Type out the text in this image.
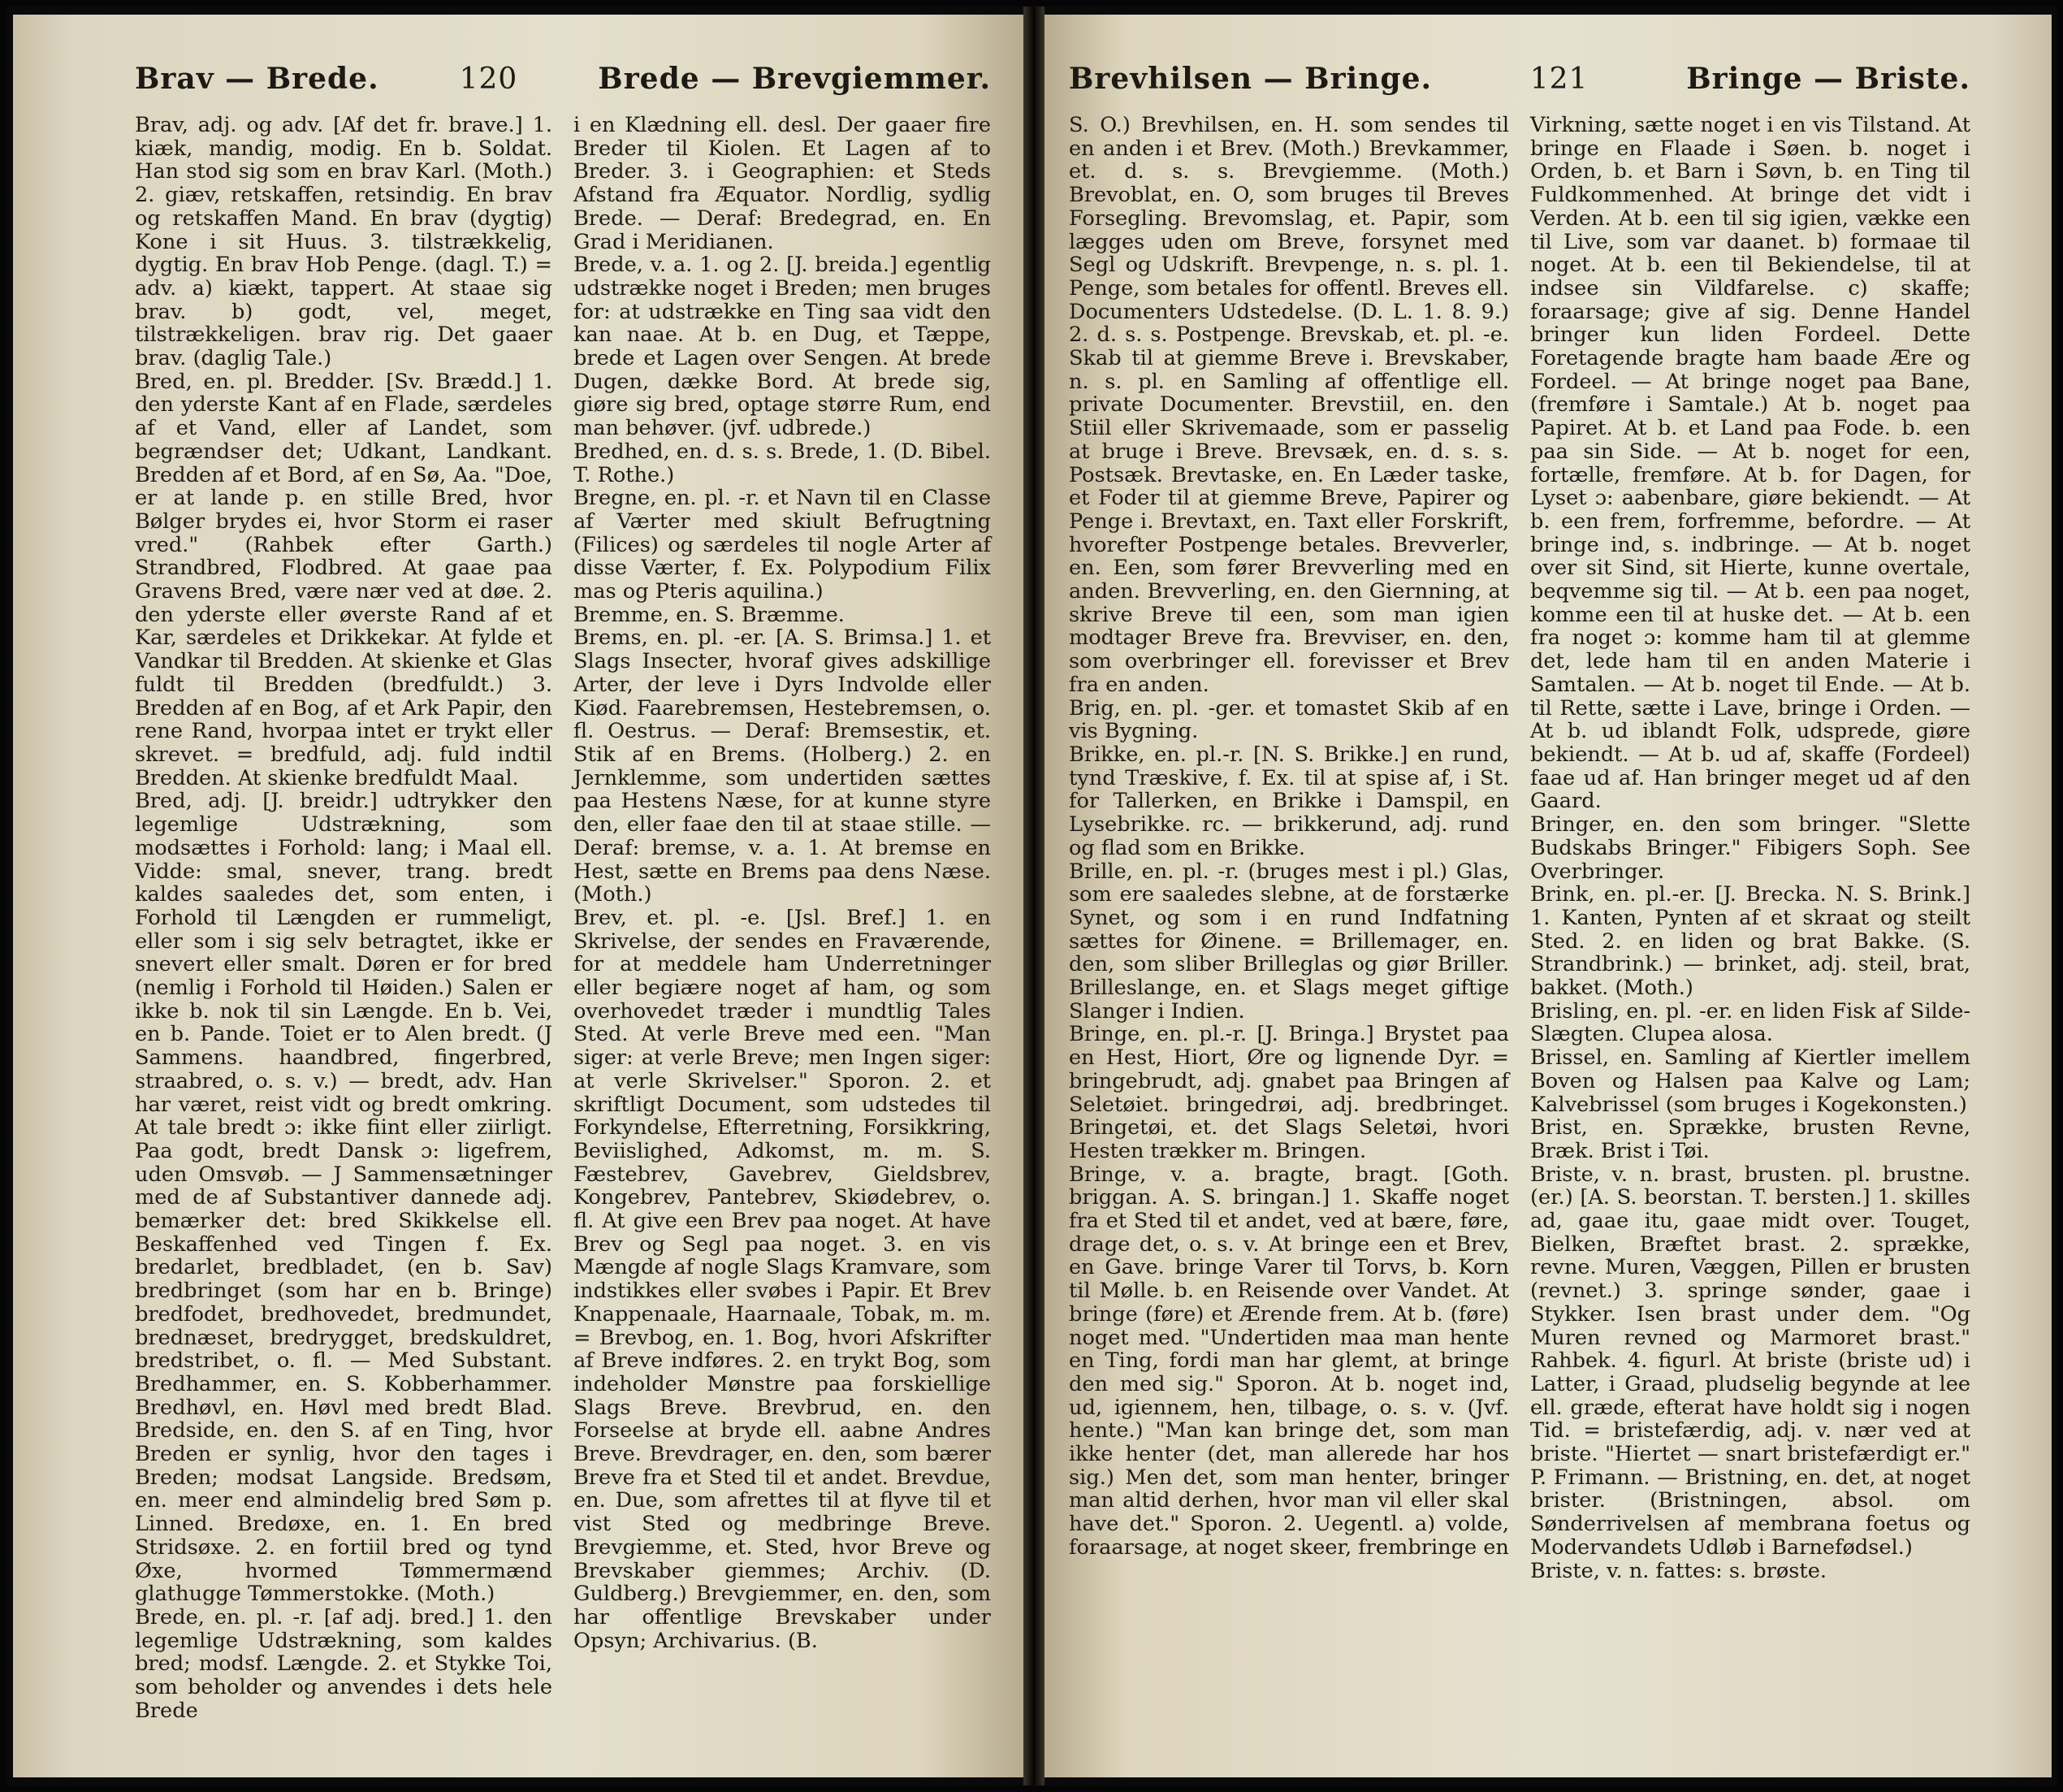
Brav — Brede.	120	Brede — Brevgiemmer.

Brav, adj. og adv. [Af det fr. brave.] 1. kiæk, mandig, modig. En b. Soldat. Han stod sig som en brav Karl. (Moth.) 2. giæv, retskaffen, retsindig. En brav og retskaffen Mand. En brav (dygtig) Kone i sit Huus. 3. tilstrækkelig, dygtig. En brav Hob Penge. (dagl. T.) = adv. a) kiækt, tappert. At staae sig brav. b) godt, vel, meget, tilstrækkeligen. brav rig. Det gaaer brav. (daglig Tale.)

Bred, en. pl. Bredder. [Sv. Brædd.] 1. den yderste Kant af en Flade, særdeles af et Vand, eller af Landet, som begrændser det; Udkant, Landkant. Bredden af et Bord, af en Sø, Aa. "Doe, er at lande p. en stille Bred, hvor Bølger brydes ei, hvor Storm ei raser vred." (Rahbek efter Garth.) Strandbred, Flodbred. At gaae paa Gravens Bred, være nær ved at døe. 2. den yderste eller øverste Rand af et Kar, særdeles et Drikkekar. At fylde et Vandkar til Bredden. At skienke et Glas fuldt til Bredden (bredfuldt.) 3. Bredden af en Bog, af et Ark Papir, den rene Rand, hvorpaa intet er trykt eller skrevet. = bredfuld, adj. fuld indtil Bredden. At skienke bredfuldt Maal.

Bred, adj. [J. breidr.] udtrykker den legemlige Udstrækning, som modsættes i Forhold: lang; i Maal ell. Vidde: smal, snever, trang. bredt kaldes saaledes det, som enten, i Forhold til Længden er rummeligt, eller som i sig selv betragtet, ikke er snevert eller smalt. Døren er for bred (nemlig i Forhold til Høiden.) Salen er ikke b. nok til sin Længde. En b. Vei, en b. Pande. Toiet er to Alen bredt. (J Sammens. haandbred, fingerbred, straabred, o. s. v.) — bredt, adv. Han har været, reist vidt og bredt omkring. At tale bredt ɔ: ikke fiint eller ziirligt. Paa godt, bredt Dansk ɔ: ligefrem, uden Omsvøb. — J Sammensætninger med de af Substantiver dannede adj. bemærker det: bred Skikkelse ell. Beskaffenhed ved Tingen f. Ex. bredarlet, bredbladet, (en b. Sav) bredbringet (som har en b. Bringe) bredfodet, bredhovedet, bredmundet, brednæset, bredrygget, bredskuldret, bredstribet, o. fl. — Med Substant. Bredhammer, en. S. Kobberhammer. Bredhøvl, en. Høvl med bredt Blad. Bredside, en. den S. af en Ting, hvor Breden er synlig, hvor den tages i Breden; modsat Langside. Bredsøm, en. meer end almindelig bred Søm p. Linned. Bredøxe, en. 1. En bred Stridsøxe. 2. en fortiil bred og tynd Øxe, hvormed Tømmermænd glathugge Tømmerstokke. (Moth.)

Brede, en. pl. -r. [af adj. bred.] 1. den legemlige Udstrækning, som kaldes bred; modsf. Længde. 2. et Stykke Toi, som beholder og anvendes i dets hele Brede

i en Klædning ell. desl. Der gaaer fire Breder til Kiolen. Et Lagen af to Breder. 3. i Geographien: et Steds Afstand fra Æquator. Nordlig, sydlig Brede. — Deraf: Bredegrad, en. En Grad i Meridianen.

Brede, v. a. 1. og 2. [J. breida.] egentlig udstrække noget i Breden; men bruges for: at udstrække en Ting saa vidt den kan naae. At b. en Dug, et Tæppe, brede et Lagen over Sengen. At brede Dugen, dække Bord. At brede sig, giøre sig bred, optage større Rum, end man behøver. (jvf. udbrede.)

Bredhed, en. d. s. s. Brede, 1. (D. Bibel. T. Rothe.)

Bregne, en. pl. -r. et Navn til en Classe af Værter med skiult Befrugtning (Filices) og særdeles til nogle Arter af disse Værter, f. Ex. Polypodium Filix mas og Pteris aquilina.)

Bremme, en. S. Bræmme.

Brems, en. pl. -er. [A. S. Brimsa.] 1. et Slags Insecter, hvoraf gives adskillige Arter, der leve i Dyrs Indvolde eller Kiød. Faarebremsen, Hestebremsen, o. fl. Oestrus. — Deraf: Bremsestiк, et. Stik af en Brems. (Holberg.) 2. en Jernklemme, som undertiden sættes paa Hestens Næse, for at kunne styre den, eller faae den til at staae stille. — Deraf: bremse, v. a. 1. At bremse en Hest, sætte en Brems paa dens Næse. (Moth.)

Brev, et. pl. -e. [Jsl. Bref.] 1. en Skrivelse, der sendes en Fraværende, for at meddele ham Underretninger eller begiære noget af ham, og som overhovedet træder i mundtlig Tales Sted. At verle Breve med een. "Man siger: at verle Breve; men Ingen siger: at verle Skrivelser." Sporon. 2. et skriftligt Document, som udstedes til Forkyndelse, Efterretning, Forsikkring, Beviislighed, Adkomst, m. m. S. Fæstebrev, Gavebrev, Gieldsbrev, Kongebrev, Pantebrev, Skiødebrev, o. fl. At give een Brev paa noget. At have Brev og Segl paa noget. 3. en vis Mængde af nogle Slags Kramvare, som indstikkes eller svøbes i Papir. Et Brev Knappenaale, Haarnaale, Tobak, m. m. = Brevbog, en. 1. Bog, hvori Afskrifter af Breve indføres. 2. en trykt Bog, som indeholder Mønstre paa forskiellige Slags Breve. Brevbrud, en. den Forseelse at bryde ell. aabne Andres Breve. Brevdrager, en. den, som bærer Breve fra et Sted til et andet. Brevdue, en. Due, som afrettes til at flyve til et vist Sted og medbringe Breve. Brevgiemme, et. Sted, hvor Breve og Brevskaber giemmes; Archiv. (D. Guldberg.) Brevgiemmer, en. den, som har offentlige Brevskaber under Opsyn; Archivarius. (B.

Brevhilsen — Bringe.	121	Bringe — Briste.

S. O.) Brevhilsen, en. H. som sendes til en anden i et Brev. (Moth.) Brevkammer, et. d. s. s. Brevgiemme. (Moth.) Brevoblat, en. O, som bruges til Breves Forsegling. Brevomslag, et. Papir, som lægges uden om Breve, forsynet med Segl og Udskrift. Brevpenge, n. s. pl. 1. Penge, som betales for offentl. Breves ell. Documenters Udstedelse. (D. L. 1. 8. 9.) 2. d. s. s. Postpenge. Brevskab, et. pl. -e. Skab til at giemme Breve i. Brevskaber, n. s. pl. en Samling af offentlige ell. private Documenter. Brevstiil, en. den Stiil eller Skrivemaade, som er passelig at bruge i Breve. Brevsæk, en. d. s. s. Postsæk. Brevtaske, en. En Læder taske, et Foder til at giemme Breve, Papirer og Penge i. Brevtaxt, en. Taxt eller Forskrift, hvorefter Postpenge betales. Brevverler, en. Een, som fører Brevverling med en anden. Brevverling, en. den Giernning, at skrive Breve til een, som man igien modtager Breve fra. Brevviser, en. den, som overbringer ell. forevisser et Brev fra en anden.

Brig, en. pl. -ger. et tomastet Skib af en vis Bygning.

Brikke, en. pl.-r. [N. S. Brikke.] en rund, tynd Træskive, f. Ex. til at spise af, i St. for Tallerken, en Brikke i Damspil, en Lysebrikke. rc. — brikkerund, adj. rund og flad som en Brikke.

Brille, en. pl. -r. (bruges mest i pl.) Glas, som ere saaledes slebne, at de forstærke Synet, og som i en rund Indfatning sættes for Øinene. = Brillemager, en. den, som sliber Brilleglas og giør Briller. Brilleslange, en. et Slags meget giftige Slanger i Indien.

Bringe, en. pl.-r. [J. Bringa.] Brystet paa en Hest, Hiort, Øre og lignende Dyr. = bringebrudt, adj. gnabet paa Bringen af Seletøiet. bringedrøi, adj. bredbringet. Bringetøi, et. det Slags Seletøi, hvori Hesten trækker m. Bringen.

Bringe, v. a. bragte, bragt. [Goth. briggan. A. S. bringan.] 1. Skaffe noget fra et Sted til et andet, ved at bære, føre, drage det, o. s. v. At bringe een et Brev, en Gave. bringe Varer til Torvs, b. Korn til Mølle. b. en Reisende over Vandet. At bringe (føre) et Ærende frem. At b. (føre) noget med. "Undertiden maa man hente en Ting, fordi man har glemt, at bringe den med sig." Sporon. At b. noget ind, ud, igiennem, hen, tilbage, o. s. v. (Jvf. hente.) "Man kan bringe det, som man ikke henter (det, man allerede har hos sig.) Men det, som man henter, bringer man altid derhen, hvor man vil eller skal have det." Sporon. 2. Uegentl. a) volde, foraarsage, at noget skeer, frembringe en

Virkning, sætte noget i en vis Tilstand. At bringe en Flaade i Søen. b. noget i Orden, b. et Barn i Søvn, b. en Ting til Fuldkommenhed. At bringe det vidt i Verden. At b. een til sig igien, vække een til Live, som var daanet. b) formaae til noget. At b. een til Bekiendelse, til at indsee sin Vildfarelse. c) skaffe; foraarsage; give af sig. Denne Handel bringer kun liden Fordeel. Dette Foretagende bragte ham baade Ære og Fordeel. — At bringe noget paa Bane, (fremføre i Samtale.) At b. noget paa Papiret. At b. et Land paa Fode. b. een paa sin Side. — At b. noget for een, fortælle, fremføre. At b. for Dagen, for Lyset ɔ: aabenbare, giøre bekiendt. — At b. een frem, forfremme, befordre. — At bringe ind, s. indbringe. — At b. noget over sit Sind, sit Hierte, kunne overtale, beqvemme sig til. — At b. een paa noget, komme een til at huske det. — At b. een fra noget ɔ: komme ham til at glemme det, lede ham til en anden Materie i Samtalen. — At b. noget til Ende. — At b. til Rette, sætte i Lave, bringe i Orden. — At b. ud iblandt Folk, udsprede, giøre bekiendt. — At b. ud af, skaffe (Fordeel) faae ud af. Han bringer meget ud af den Gaard.

Bringer, en. den som bringer. "Slette Budskabs Bringer." Fibigers Soph. See Overbringer.

Brink, en. pl.-er. [J. Brecka. N. S. Brink.] 1. Kanten, Pynten af et skraat og steilt Sted. 2. en liden og brat Bakke. (S. Strandbrink.) — brinket, adj. steil, brat, bakket. (Moth.)

Brisling, en. pl. -er. en liden Fisk af Silde-Slægten. Clupea alosa.

Brissel, en. Samling af Kiertler imellem Boven og Halsen paa Kalve og Lam; Kalvebrissel (som bruges i Kogekonsten.)

Brist, en. Sprække, brusten Revne, Bræk. Brist i Tøi.

Briste, v. n. brast, brusten. pl. brustne. (er.) [A. S. beorstan. T. bersten.] 1. skilles ad, gaae itu, gaae midt over. Touget, Bielken, Bræftet brast. 2. sprække, revne. Muren, Væggen, Pillen er brusten (revnet.) 3. springe sønder, gaae i Stykker. Isen brast under dem. "Og Muren revned og Marmoret brast." Rahbek. 4. figurl. At briste (briste ud) i Latter, i Graad, pludselig begynde at lee ell. græde, efterat have holdt sig i nogen Tid. = bristefærdig, adj. v. nær ved at briste. "Hiertet — snart bristefærdigt er." P. Frimann. — Bristning, en. det, at noget brister. (Bristningen, absol. om Sønderrivelsen af membrana foetus og Modervandets Udløb i Barnefødsel.)

Briste, v. n. fattes: s. brøste.
